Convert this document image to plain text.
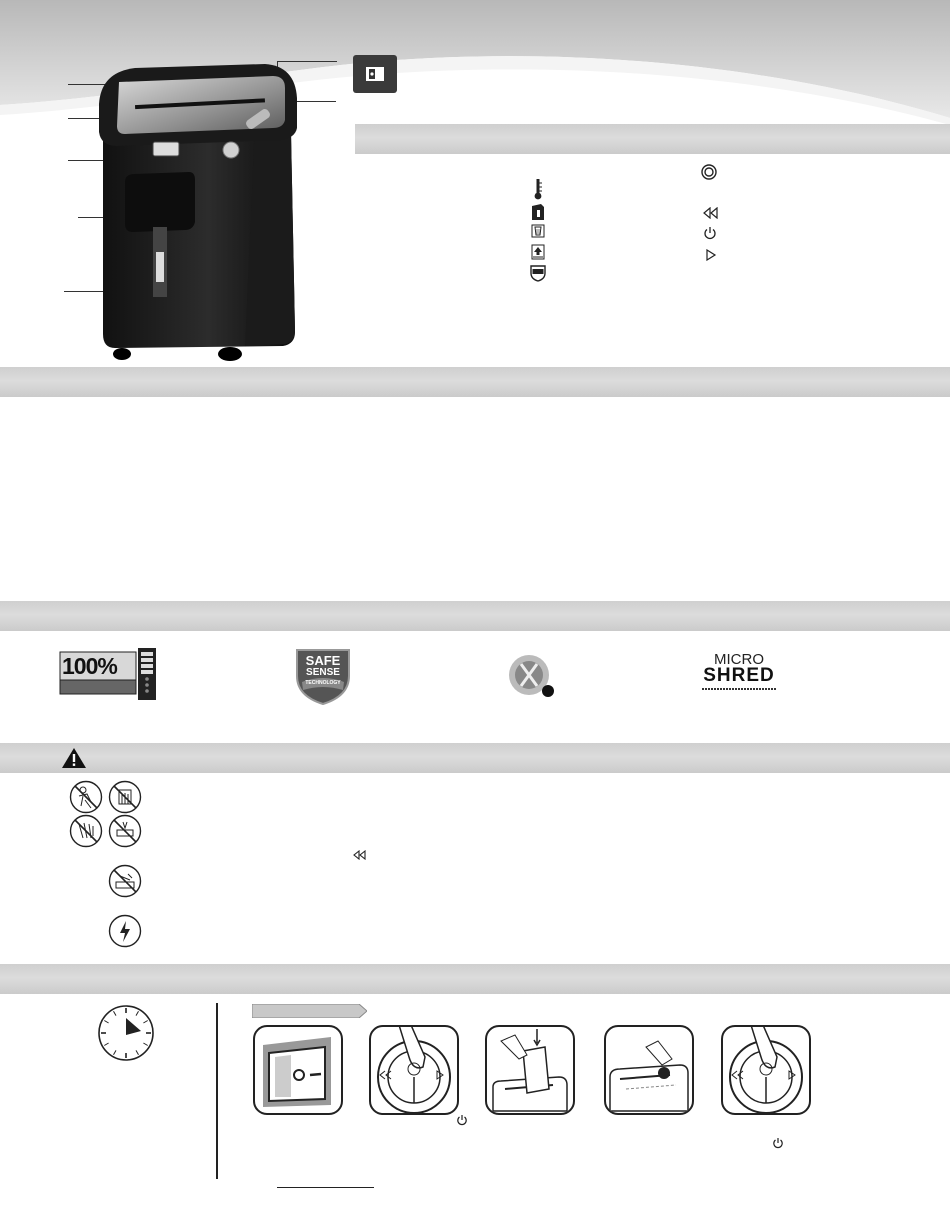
100%	SAFE
SENSE
TECHNOLOGY
MICRO
SHRED
